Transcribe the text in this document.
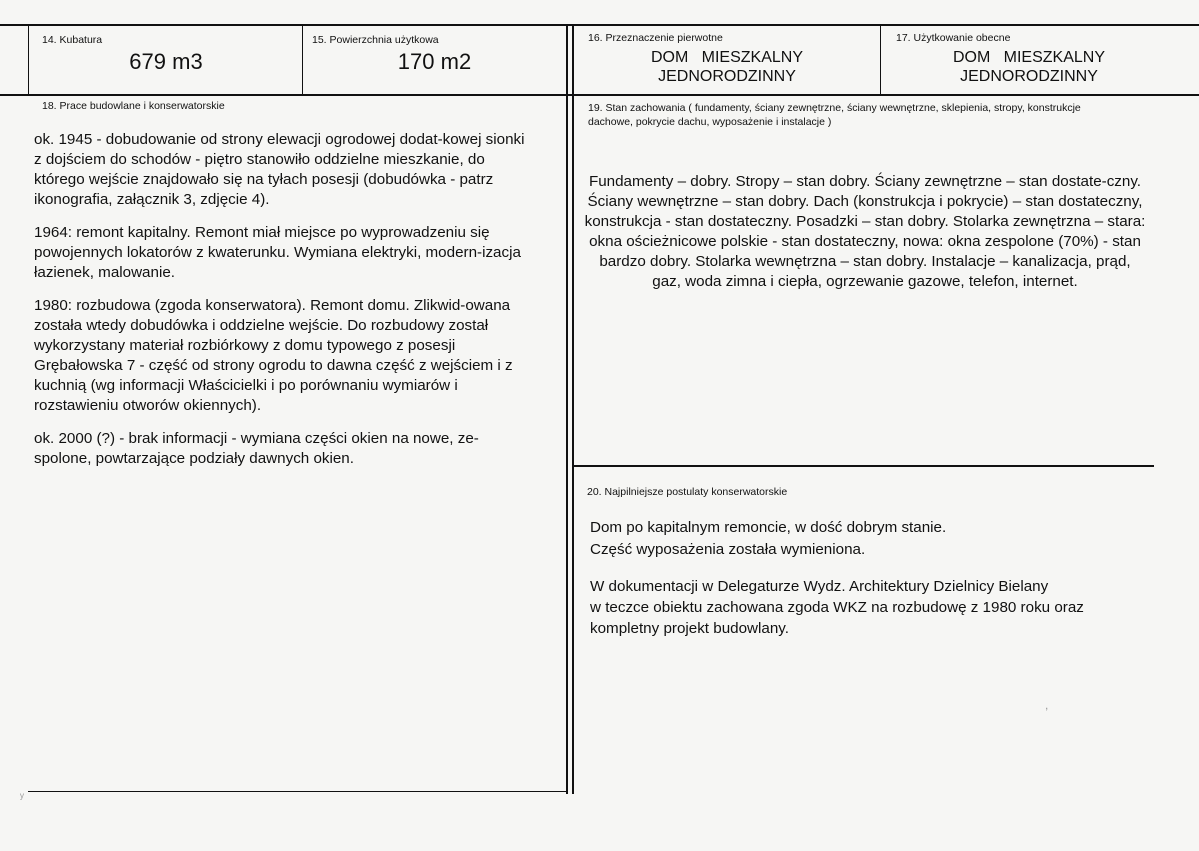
14. Kubatura
679 m3
15. Powierzchnia użytkowa
170 m2
16. Przeznaczenie pierwotne
DOM   MIESZKALNY
JEDNORODZINNY
17. Użytkowanie obecne
DOM   MIESZKALNY
JEDNORODZINNY
18. Prace budowlane i konserwatorskie

ok. 1945 - dobudowanie od strony elewacji ogrodowej dodat-kowej sionki z dojściem do schodów - piętro stanowiło oddzielne mieszkanie, do którego wejście znajdowało się na tyłach posesji (dobudówka - patrz ikonografia, załącznik 3, zdjęcie 4).

1964: remont kapitalny. Remont miał miejsce po wyprowadzeniu się powojennych lokatorów z kwaterunku. Wymiana elektryki, modern-izacja łazienek, malowanie.

1980: rozbudowa (zgoda konserwatora). Remont domu. Zlikwid-owana została wtedy dobudówka i oddzielne wejście. Do rozbudowy został wykorzystany materiał rozbiórkowy z domu typowego z posesji Grębałowska 7 - część od strony ogrodu to dawna część z wejściem i z kuchnią (wg informacji Właścicielki i po porównaniu wymiarów i rozstawieniu otworów okiennych).

ok. 2000 (?) - brak informacji - wymiana części okien na nowe, ze-spolone, powtarzające podziały dawnych okien.

19. Stan zachowania ( fundamenty, ściany zewnętrzne, ściany wewnętrzne, sklepienia, stropy, konstrukcje dachowe, pokrycie dachu, wyposażenie i instalacje )
Fundamenty – dobry. Stropy – stan dobry. Ściany zewnętrzne – stan dostate-czny. Ściany wewnętrzne – stan dobry. Dach (konstrukcja i pokrycie) – stan dostateczny, konstrukcja - stan dostateczny. Posadzki – stan dobry. Stolarka zewnętrzna – stara: okna ościeżnicowe polskie - stan dostateczny, nowa: okna zespolone (70%) - stan bardzo dobry. Stolarka wewnętrzna – stan dobry. Instalacje – kanalizacja, prąd, gaz, woda zimna i ciepła, ogrzewanie gazowe, telefon, internet.
20. Najpilniejsze postulaty konserwatorskie
Dom po kapitalnym remoncie, w dość dobrym stanie.
Część wyposażenia została wymieniona.
W dokumentacji w Delegaturze Wydz. Architektury Dzielnicy Bielany
w teczce obiektu zachowana zgoda WKZ na rozbudowę z 1980 roku oraz
kompletny projekt budowlany.
ʸ
,
